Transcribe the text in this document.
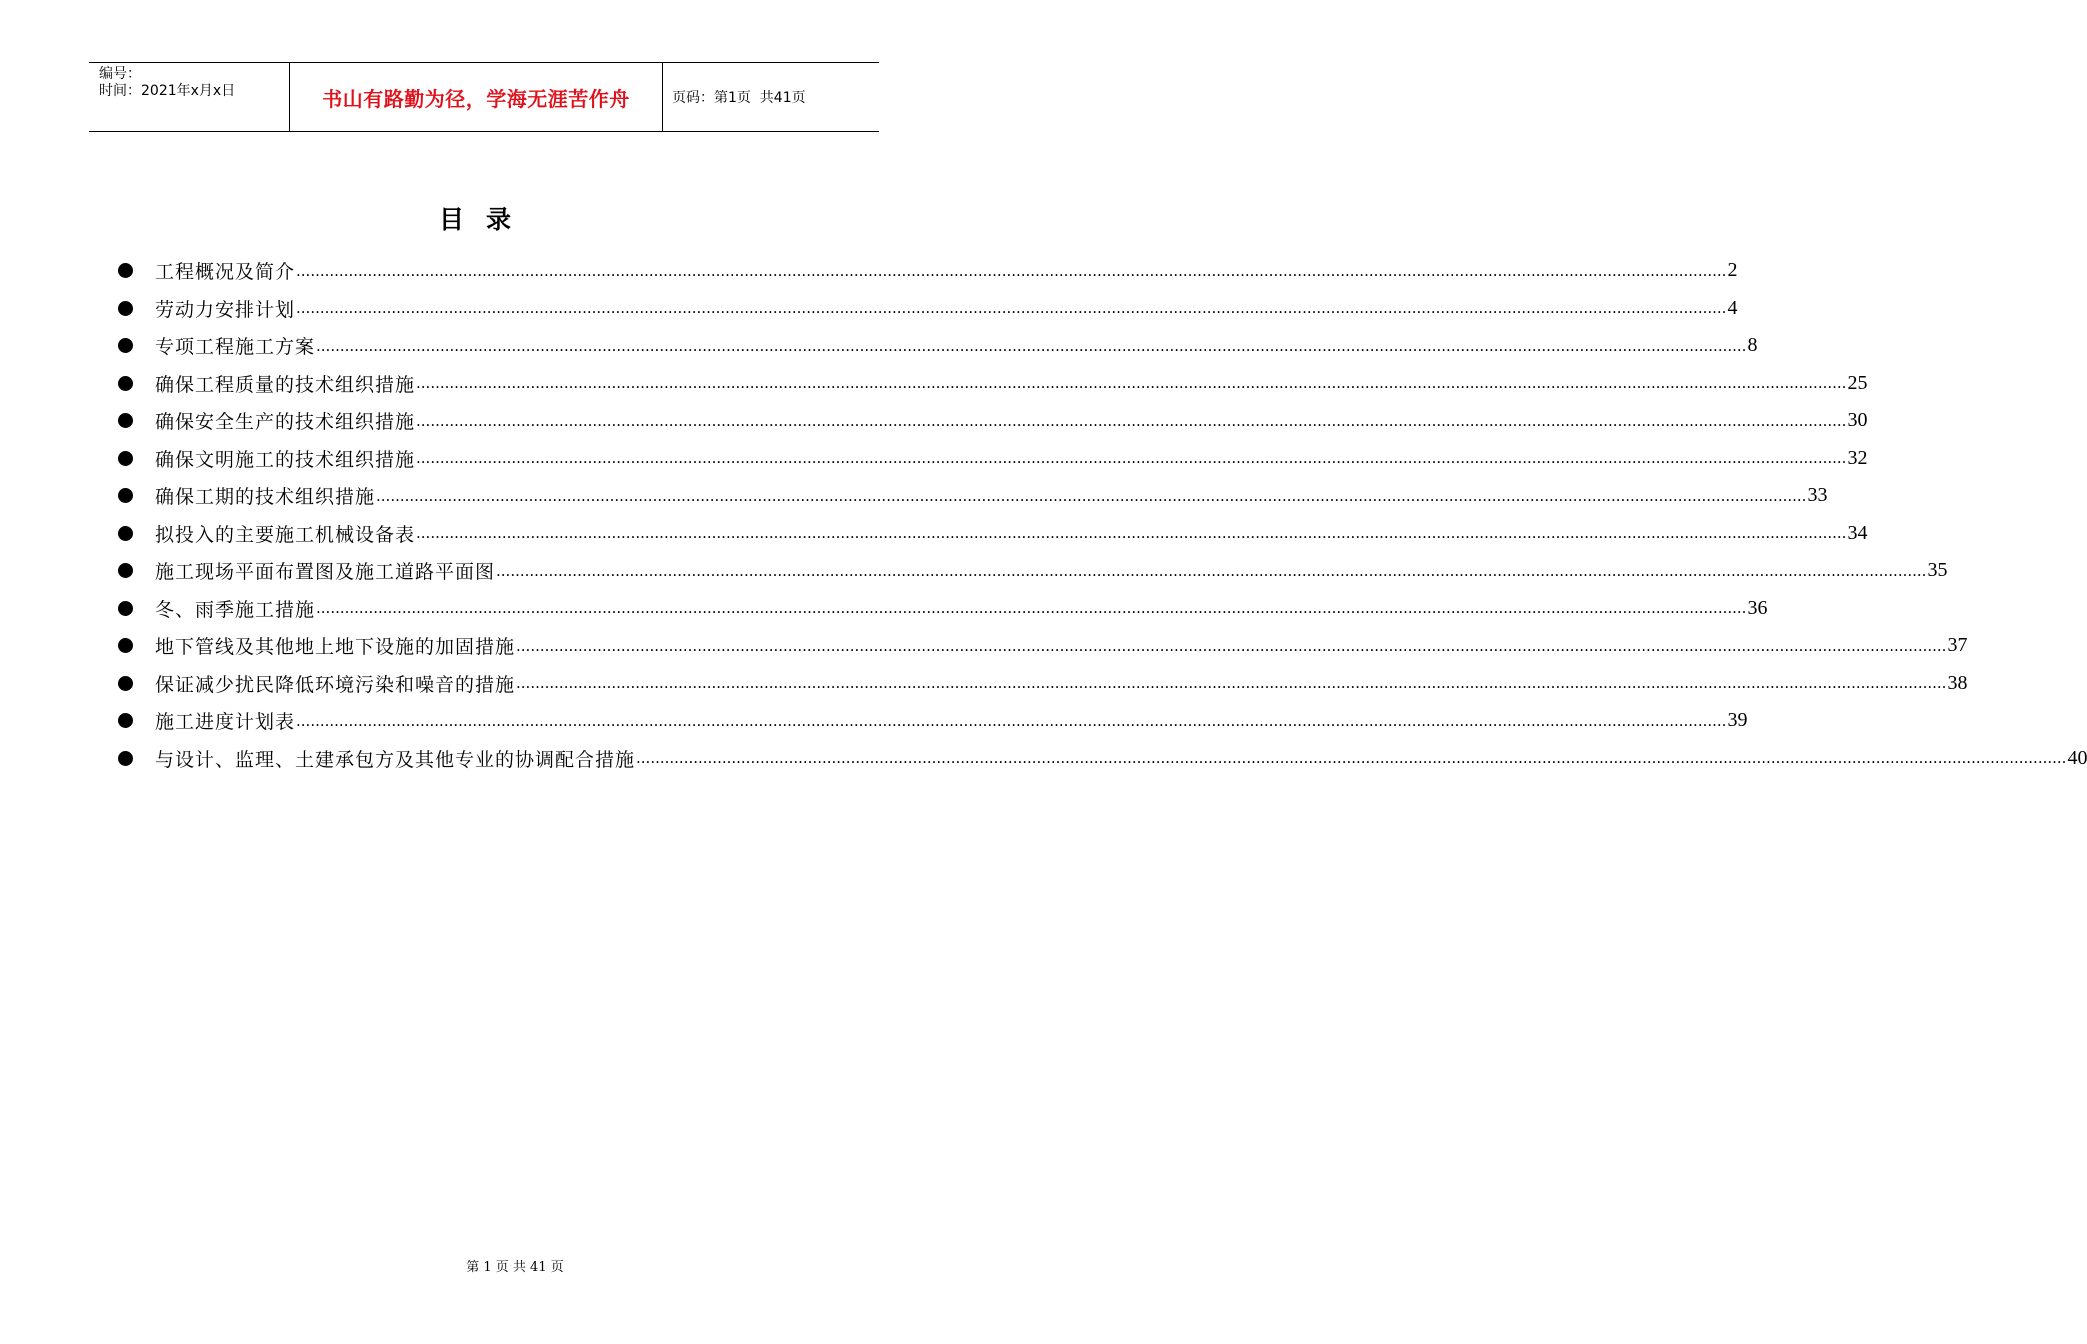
编号：
时间：2021年x月x日	书山有路勤为径，学海无涯苦作舟	页码：第1页  共41页
目录
工程概况及简介 ............................................................................................................................................................................................................................................................................................................ 2
劳动力安排计划 ............................................................................................................................................................................................................................................................................................................ 4
专项工程施工方案 ............................................................................................................................................................................................................................................................................................................ 8
确保工程质量的技术组织措施 ............................................................................................................................................................................................................................................................................................................ 25
确保安全生产的技术组织措施 ............................................................................................................................................................................................................................................................................................................ 30
确保文明施工的技术组织措施 ............................................................................................................................................................................................................................................................................................................ 32
确保工期的技术组织措施 ............................................................................................................................................................................................................................................................................................................ 33
拟投入的主要施工机械设备表 ............................................................................................................................................................................................................................................................................................................ 34
施工现场平面布置图及施工道路平面图 ............................................................................................................................................................................................................................................................................................................ 35
冬、雨季施工措施 ............................................................................................................................................................................................................................................................................................................ 36
地下管线及其他地上地下设施的加固措施 ............................................................................................................................................................................................................................................................................................................ 37
保证减少扰民降低环境污染和噪音的措施 ............................................................................................................................................................................................................................................................................................................ 38
施工进度计划表 ............................................................................................................................................................................................................................................................................................................ 39
与设计、监理、土建承包方及其他专业的协调配合措施 ............................................................................................................................................................................................................................................................................................................ 40
第 1 页 共 41 页
